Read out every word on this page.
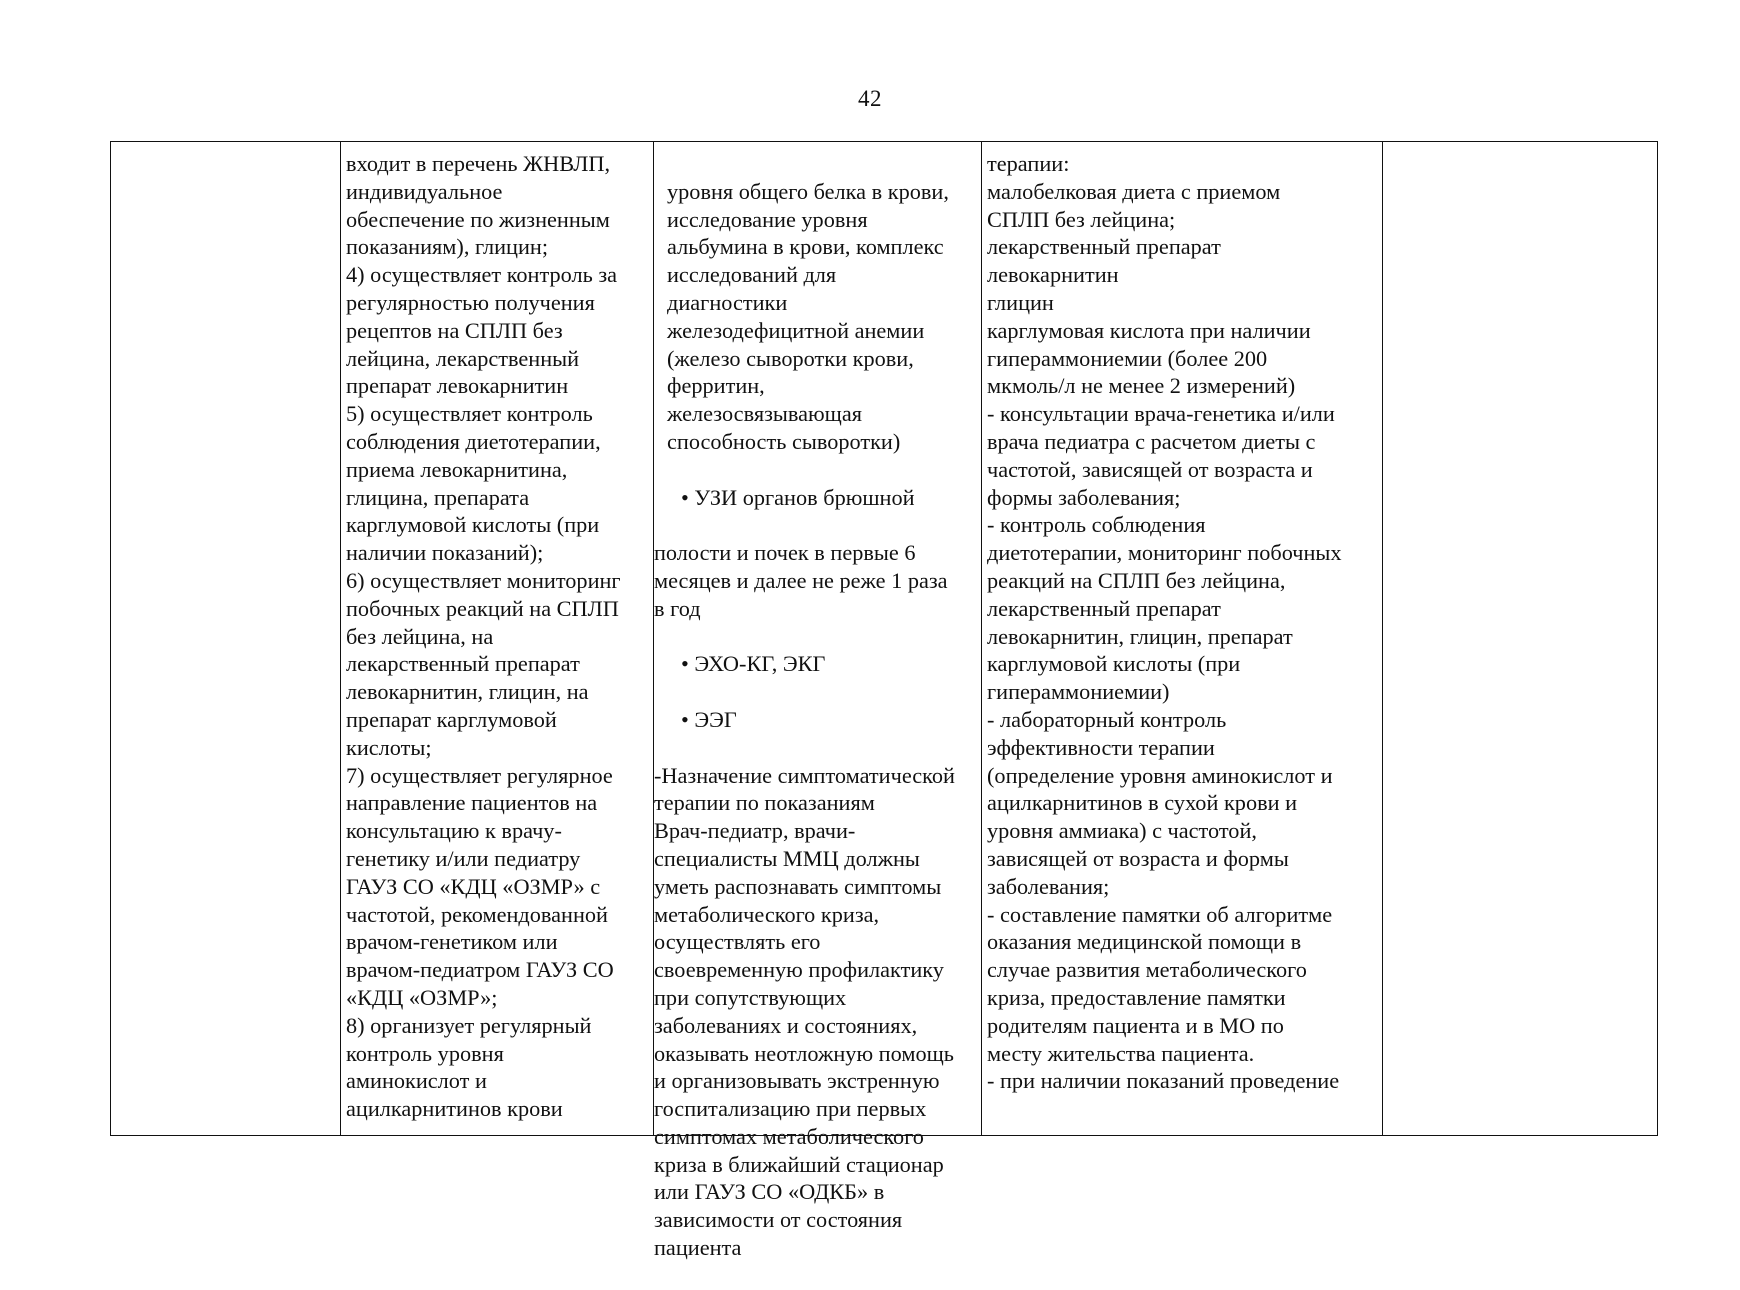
42
входит в перечень ЖНВЛП,
индивидуальное
обеспечение по жизненным
показаниям), глицин;
4) осуществляет контроль за
регулярностью получения
рецептов на СПЛП без
лейцина, лекарственный
препарат левокарнитин
5) осуществляет контроль
соблюдения диетотерапии,
приема левокарнитина,
глицина, препарата
карглумовой кислоты (при
наличии показаний);
6) осуществляет мониторинг
побочных реакций на СПЛП
без лейцина, на
лекарственный препарат
левокарнитин, глицин, на
препарат карглумовой
кислоты;
7) осуществляет регулярное
направление пациентов на
консультацию к врачу-
генетику и/или педиатру
ГАУЗ СО «КДЦ «ОЗМР» с
частотой, рекомендованной
врачом-генетиком или
врачом-педиатром ГАУЗ СО
«КДЦ «ОЗМР»;
8) организует регулярный
контроль уровня
аминокислот и
ацилкарнитинов крови

уровня общего белка в крови,
исследование уровня
альбумина в крови, комплекс
исследований для
диагностики
железодефицитной анемии
(железо сыворотки крови,
ферритин,
железосвязывающая
способность сыворотки)

• УЗИ органов брюшной

полости и почек в первые 6
месяцев и далее не реже 1 раза
в год

• ЭХО-КГ, ЭКГ

• ЭЭГ

-Назначение симптоматической
терапии по показаниям
Врач-педиатр, врачи-
специалисты ММЦ должны
уметь распознавать симптомы
метаболического криза,
осуществлять его
своевременную профилактику
при сопутствующих
заболеваниях и состояниях,
оказывать неотложную помощь
и организовывать экстренную
госпитализацию при первых
симптомах метаболического
криза в ближайший стационар
или ГАУЗ СО «ОДКБ» в
зависимости от состояния
пациента

терапии:
малобелковая диета с приемом
СПЛП без лейцина;
лекарственный препарат
левокарнитин
глицин
карглумовая кислота при наличии
гипераммониемии (более 200
мкмоль/л не менее 2 измерений)
- консультации врача-генетика и/или
врача педиатра с расчетом диеты с
частотой, зависящей от возраста и
формы заболевания;
- контроль соблюдения
диетотерапии, мониторинг побочных
реакций на СПЛП без лейцина,
лекарственный препарат
левокарнитин, глицин, препарат
карглумовой кислоты (при
гипераммониемии)
- лабораторный контроль
эффективности терапии
(определение уровня аминокислот и
ацилкарнитинов в сухой крови и
уровня аммиака) с частотой,
зависящей от возраста и формы
заболевания;
- составление памятки об алгоритме
оказания медицинской помощи в
случае развития метаболического
криза, предоставление памятки
родителям пациента и в МО по
месту жительства пациента.
- при наличии показаний проведение
